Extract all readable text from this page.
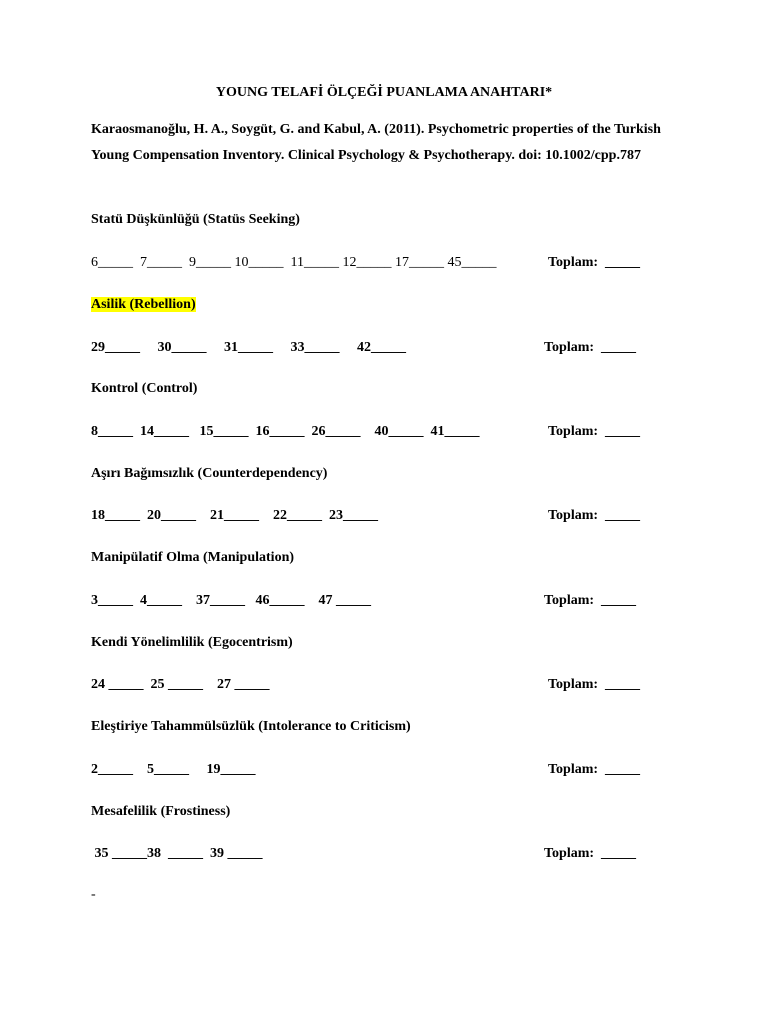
YOUNG TELAFİ ÖLÇEĞİ PUANLAMA ANAHTARI*
Karaosmanoğlu, H. A., Soygüt, G. and Kabul, A. (2011). Psychometric properties of the Turkish Young Compensation Inventory. Clinical Psychology & Psychotherapy. doi: 10.1002/cpp.787
Statü Düşkünlüğü (Statüs Seeking)
6_____  7_____  9_____ 10_____  11_____ 12_____ 17_____ 45_____	Toplam:  _____
Asilik (Rebellion)
29_____     30_____     31_____     33_____     42_____	Toplam:  _____
Kontrol (Control)
8_____  14_____   15_____  16_____  26_____    40_____  41_____	Toplam:  _____
Aşırı Bağımsızlık (Counterdependency)
18_____  20_____    21_____    22_____  23_____	Toplam:  _____
Manipülatif Olma (Manipulation)
3_____  4_____    37_____   46_____    47 _____	Toplam:  _____
Kendi Yönelimlilik (Egocentrism)
24 _____  25 _____    27 _____	Toplam:  _____
Eleştiriye Tahammülsüzlük (Intolerance to Criticism)
2_____    5_____     19_____	Toplam:  _____
Mesafelilik (Frostiness)
35 _____38  _____  39 _____	Toplam:  _____
-
